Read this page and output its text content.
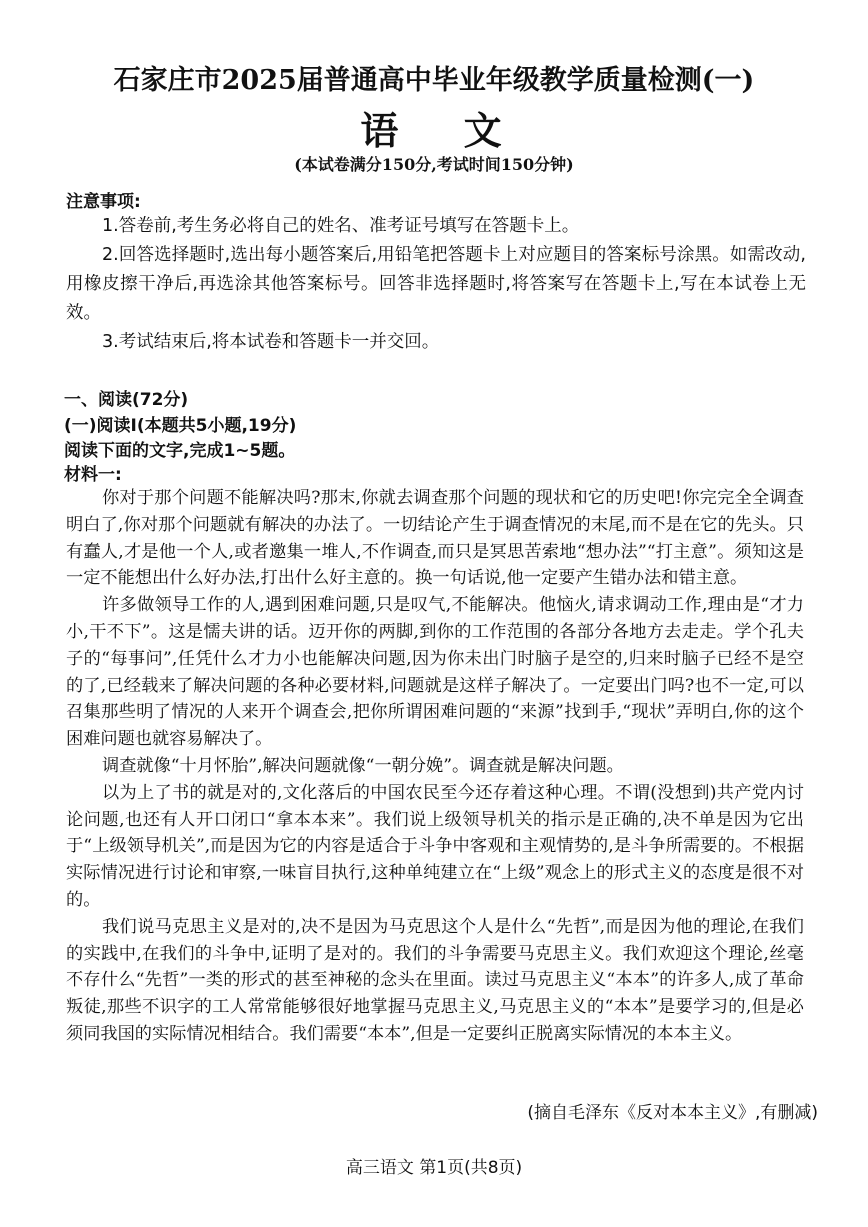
石家庄市2025届普通高中毕业年级教学质量检测(一)
语 文
(本试卷满分150分,考试时间150分钟)
注意事项:

1.答卷前,考生务必将自己的姓名、准考证号填写在答题卡上。

2.回答选择题时,选出每小题答案后,用铅笔把答题卡上对应题目的答案标号涂黑。如需改动,用橡皮擦干净后,再选涂其他答案标号。回答非选择题时,将答案写在答题卡上,写在本试卷上无效。

3.考试结束后,将本试卷和答题卡一并交回。

一、阅读(72分)
(一)阅读Ⅰ(本题共5小题,19分)
阅读下面的文字,完成1~5题。
材料一:

你对于那个问题不能解决吗?那末,你就去调查那个问题的现状和它的历史吧!你完完全全调查明白了,你对那个问题就有解决的办法了。一切结论产生于调查情况的末尾,而不是在它的先头。只有蠢人,才是他一个人,或者邀集一堆人,不作调查,而只是冥思苦索地“想办法”“打主意”。须知这是一定不能想出什么好办法,打出什么好主意的。换一句话说,他一定要产生错办法和错主意。

许多做领导工作的人,遇到困难问题,只是叹气,不能解决。他恼火,请求调动工作,理由是“才力小,干不下”。这是懦夫讲的话。迈开你的两脚,到你的工作范围的各部分各地方去走走。学个孔夫子的“每事问”,任凭什么才力小也能解决问题,因为你未出门时脑子是空的,归来时脑子已经不是空的了,已经载来了解决问题的各种必要材料,问题就是这样子解决了。一定要出门吗?也不一定,可以召集那些明了情况的人来开个调查会,把你所谓困难问题的“来源”找到手,“现状”弄明白,你的这个困难问题也就容易解决了。

调查就像“十月怀胎”,解决问题就像“一朝分娩”。调查就是解决问题。

以为上了书的就是对的,文化落后的中国农民至今还存着这种心理。不谓(没想到)共产党内讨论问题,也还有人开口闭口“拿本本来”。我们说上级领导机关的指示是正确的,决不单是因为它出于“上级领导机关”,而是因为它的内容是适合于斗争中客观和主观情势的,是斗争所需要的。不根据实际情况进行讨论和审察,一味盲目执行,这种单纯建立在“上级”观念上的形式主义的态度是很不对的。

我们说马克思主义是对的,决不是因为马克思这个人是什么“先哲”,而是因为他的理论,在我们的实践中,在我们的斗争中,证明了是对的。我们的斗争需要马克思主义。我们欢迎这个理论,丝毫不存什么“先哲”一类的形式的甚至神秘的念头在里面。读过马克思主义“本本”的许多人,成了革命叛徒,那些不识字的工人常常能够很好地掌握马克思主义,马克思主义的“本本”是要学习的,但是必须同我国的实际情况相结合。我们需要“本本”,但是一定要纠正脱离实际情况的本本主义。

(摘自毛泽东《反对本本主义》,有删减)
高三语文 第1页(共8页)
